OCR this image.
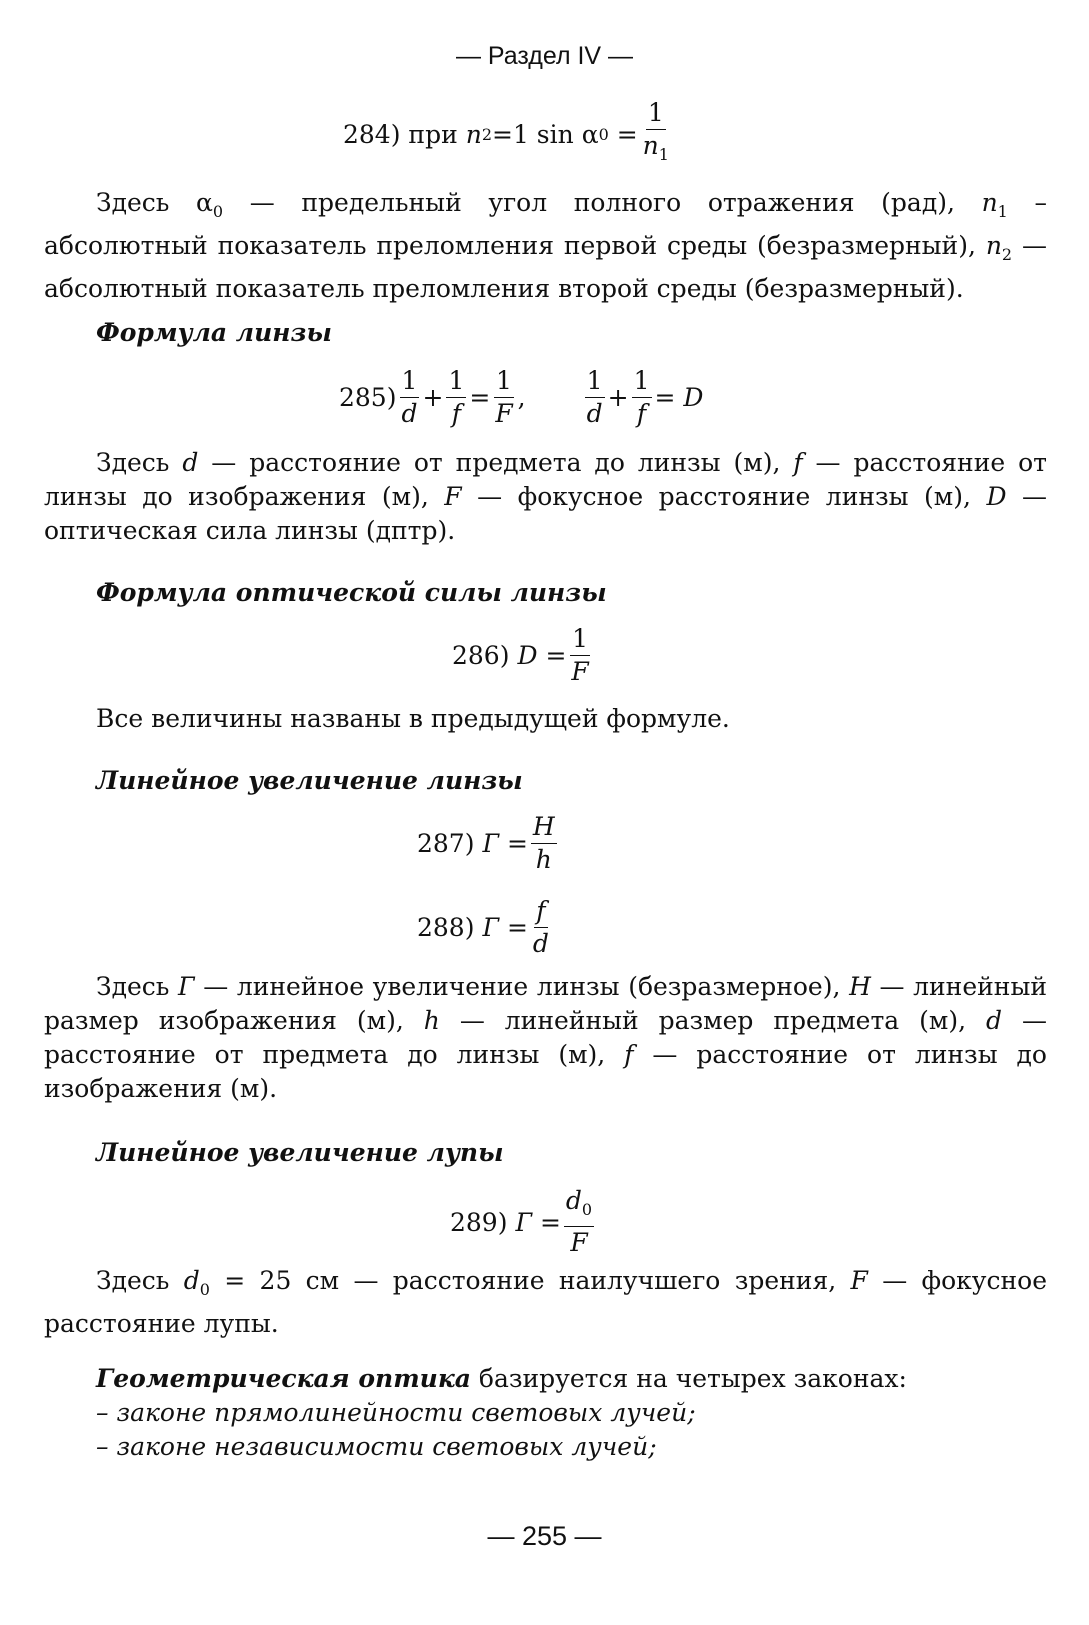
— Раздел IV —
284) при
n 2 =1 sin
α 0
= $\frac{1}{n_1}$

Здесь $\alpha_0$ — предельный угол полного отражения (рад), $n_1$ – абсолютный показатель преломления первой среды (безразмерный), $n_2$ — абсолютный показатель преломления второй среды (безразмерный).

Формула линзы

$285) \frac{1}{d} + \frac{1}{f} = \frac{1}{F}$ , $\frac{1}{d} + \frac{1}{f}$ =
D

Здесь d — расстояние от предмета до линзы (м), f — расстояние от линзы до изображения (м), F — фокусное расстояние линзы (м), D — оптическая сила линзы (дптр).

Формула оптической силы линзы

286)
D
= $\frac{1}{F}$

Все величины названы в предыдущей формуле.

Линейное увеличение линзы

287)
Г
= $\frac{H}{h}$
288)
Г
= $\frac{f}{d}$

Здесь Г — линейное увеличение линзы (безразмерное), H — линейный размер изображения (м), h — линейный размер предмета (м), d — расстояние от предмета до линзы (м), f — расстояние от линзы до изображения (м).

Линейное увеличение лупы

289)
Г
= $\frac{d_0}{F}$

Здесь $d_0 = 25$ см — расстояние наилучшего зрения, F — фокусное расстояние лупы.

Геометрическая оптика базируется на четырех законах:

– законе прямолинейности световых лучей;

– законе независимости световых лучей;

— 255 —
